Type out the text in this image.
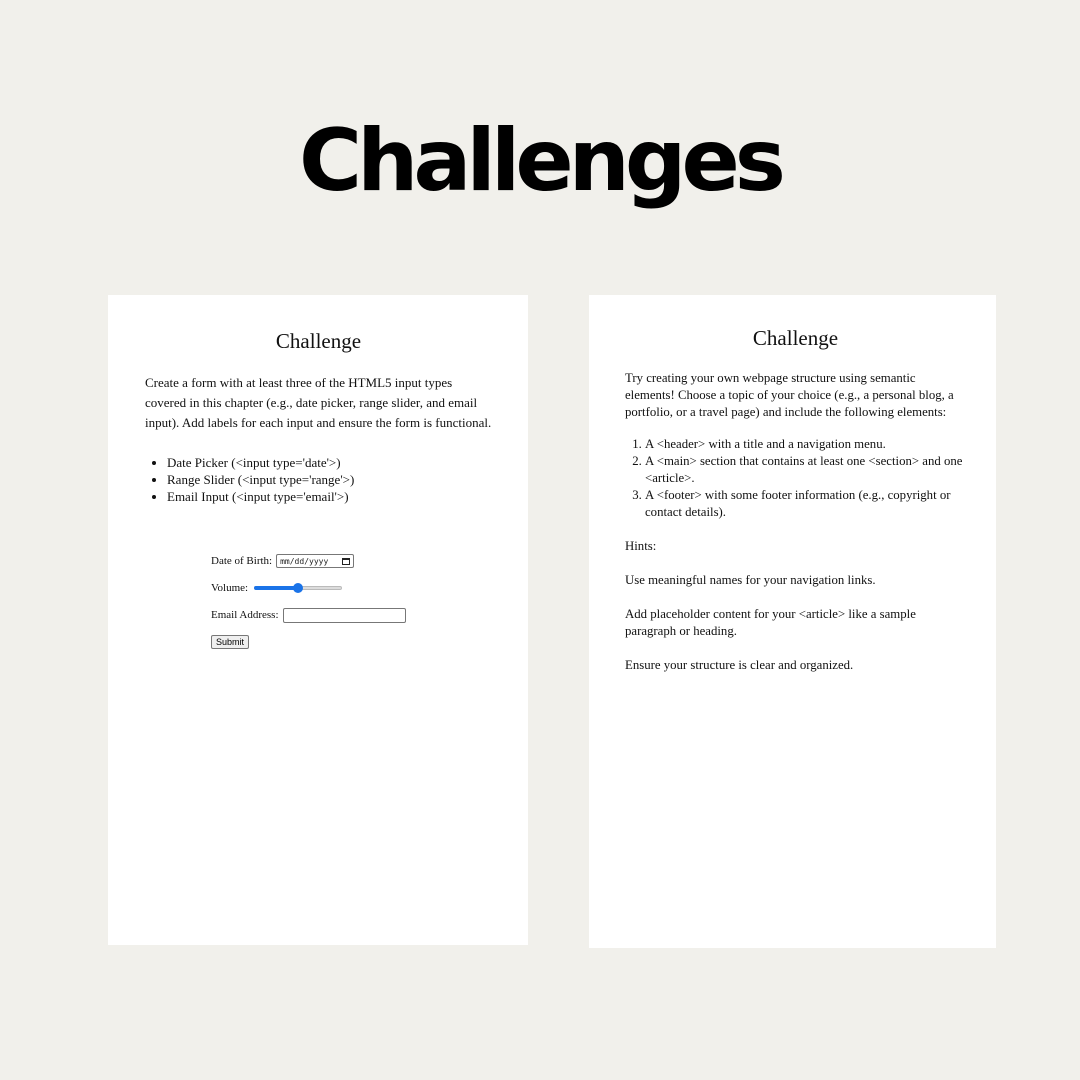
Challenges
Challenge

Create a form with at least three of the HTML5 input types covered in this chapter (e.g., date picker, range slider, and email input). Add labels for each input and ensure the form is functional.

• Date Picker (<input type='date'>)
• Range Slider (<input type='range'>)
• Email Input (<input type='email'>)
Date of Birth: mm/dd/yyyy
Volume:
Email Address:
Submit
Challenge

Try creating your own webpage structure using semantic elements! Choose a topic of your choice (e.g., a personal blog, a portfolio, or a travel page) and include the following elements:

1. A <header> with a title and a navigation menu.
2. A <main> section that contains at least one <section> and one <article>.
3. A <footer> with some footer information (e.g., copyright or contact details).

Hints:

Use meaningful names for your navigation links.

Add placeholder content for your <article> like a sample paragraph or heading.

Ensure your structure is clear and organized.
